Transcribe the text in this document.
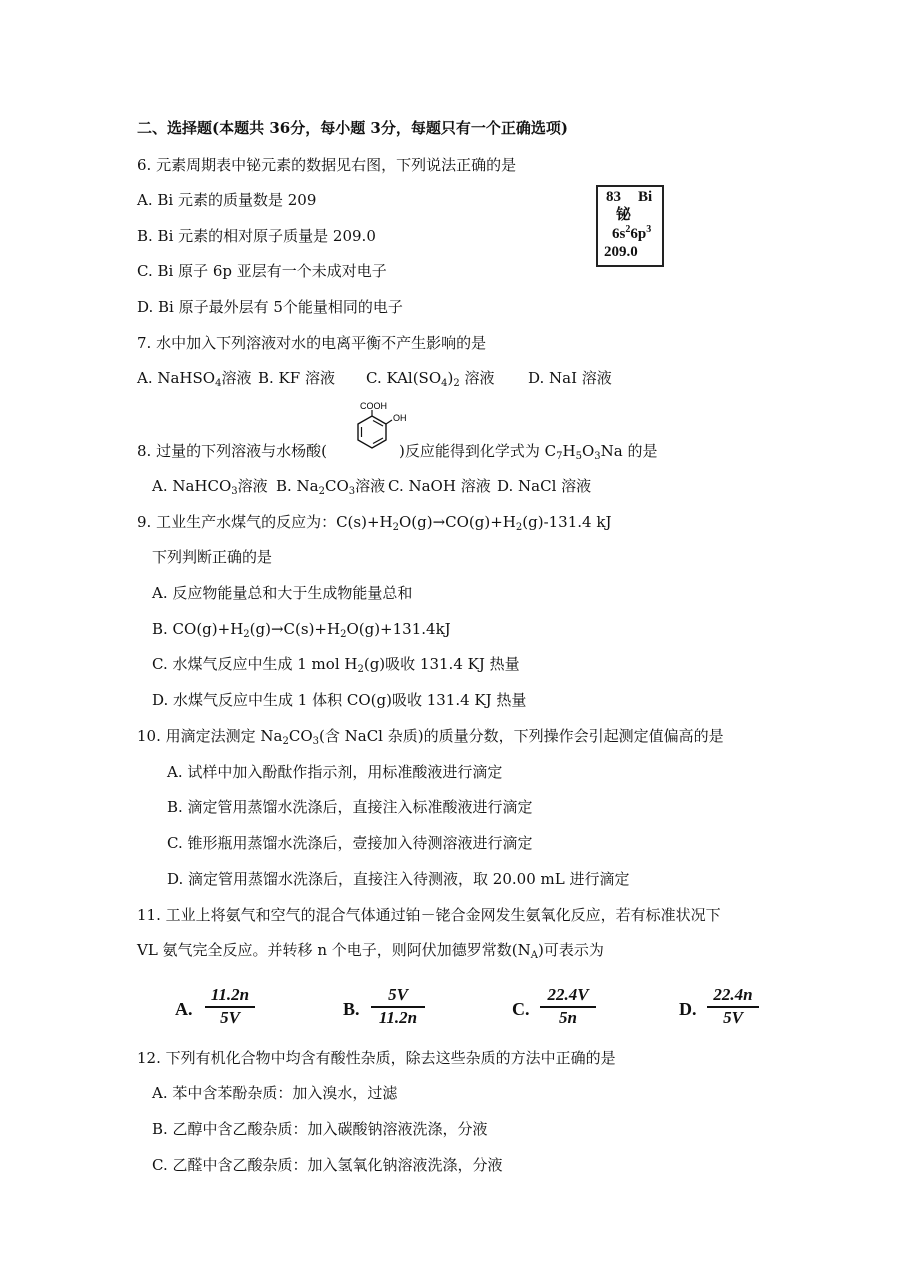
二、选择题(本题共 36分，每小题 3分，每题只有一个正确选项)
6. 元素周期表中铋元素的数据见右图，下列说法正确的是
A. Bi 元素的质量数是 209
B. Bi 元素的相对原子质量是 209.0
C. Bi 原子 6p 亚层有一个未成对电子
D. Bi 原子最外层有 5个能量相同的电子
83 Bi
铋
$6s^26p^3$
209.0
7. 水中加入下列溶液对水的电离平衡不产生影响的是
A. NaHSO$_4$溶液 B. KF 溶液 C. $KAl(SO_4)_2$ 溶液 D. NaI 溶液
COOH
OH
8. 过量的下列溶液与水杨酸(	)反应能得到化学式为 $C_7H_5O_3Na$ 的是
A. NaHCO$_3$溶液 B. $Na_2CO_3$溶液 C. NaOH 溶液 D. NaCl 溶液
9. 工业生产水煤气的反应为：$C(s)+H_2O(g)\to CO(g)+H_2(g)-131.4$ kJ
下列判断正确的是
A. 反应物能量总和大于生成物能量总和
B. $CO(g)+H_2(g)\to C(s)+H_2O(g)+131.4kJ$
C. 水煤气反应中生成 1 mol $H_2(g)$吸收 131.4 KJ 热量
D. 水煤气反应中生成 1 体积 CO(g)吸收 131.4 KJ 热量
10. 用滴定法测定 $Na_2CO_3$(含 NaCl 杂质)的质量分数，下列操作会引起测定值偏高的是
A. 试样中加入酚酞作指示剂，用标准酸液进行滴定
B. 滴定管用蒸馏水洗涤后，直接注入标准酸液进行滴定
C. 锥形瓶用蒸馏水洗涤后，壹接加入待测溶液进行滴定
D. 滴定管用蒸馏水洗涤后，直接注入待测液，取 20.00 mL 进行滴定
11. 工业上将氨气和空气的混合气体通过铂－铑合金网发生氨氧化反应，若有标准状况下
VL 氨气完全反应。并转移 n 个电子，则阿伏加德罗常数$(N_A)$可表示为
A.
11.2n
5V	B.
5V
11.2n	C.
22.4V
5n	D.
22.4n
5V
12. 下列有机化合物中均含有酸性杂质，除去这些杂质的方法中正确的是
A. 苯中含苯酚杂质：加入溴水，过滤
B. 乙醇中含乙酸杂质：加入碳酸钠溶液洗涤，分液
C. 乙醛中含乙酸杂质：加入氢氧化钠溶液洗涤，分液
